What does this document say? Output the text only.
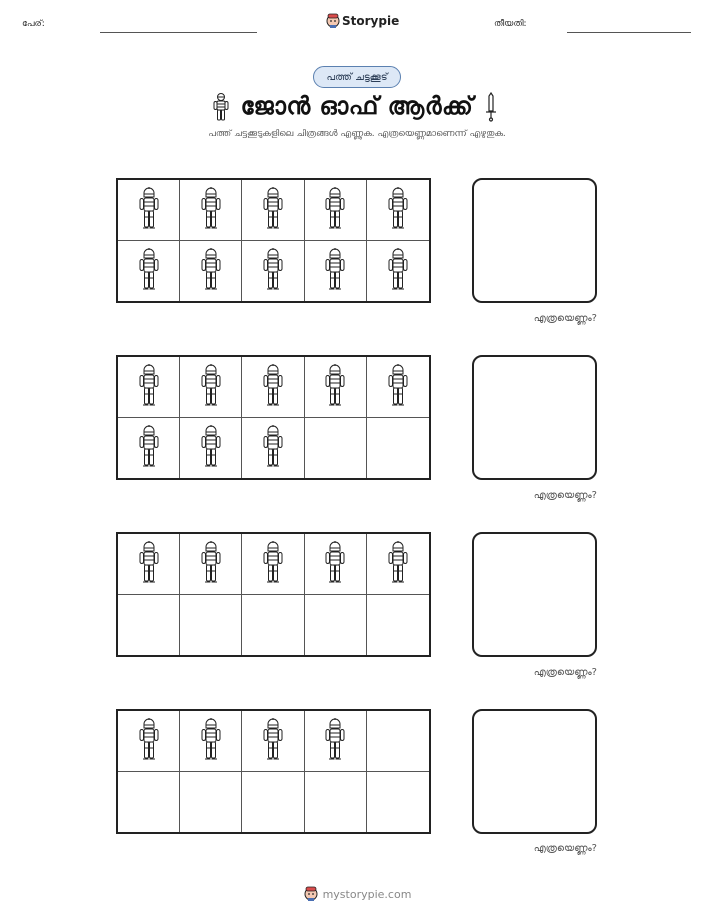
പേര്:	Storypie	തീയതി:
പത്ത് ചട്ടക്കൂട്
ജോൻ ഓഫ് ആർക്ക്
പത്ത് ചട്ടക്കൂടുകളിലെ ചിത്രങ്ങൾ എണ്ണുക. എത്രയെണ്ണമാണെന്ന് എഴുതുക.
എത്രയെണ്ണം?
എത്രയെണ്ണം?
എത്രയെണ്ണം?
എത്രയെണ്ണം?
mystorypie.com
